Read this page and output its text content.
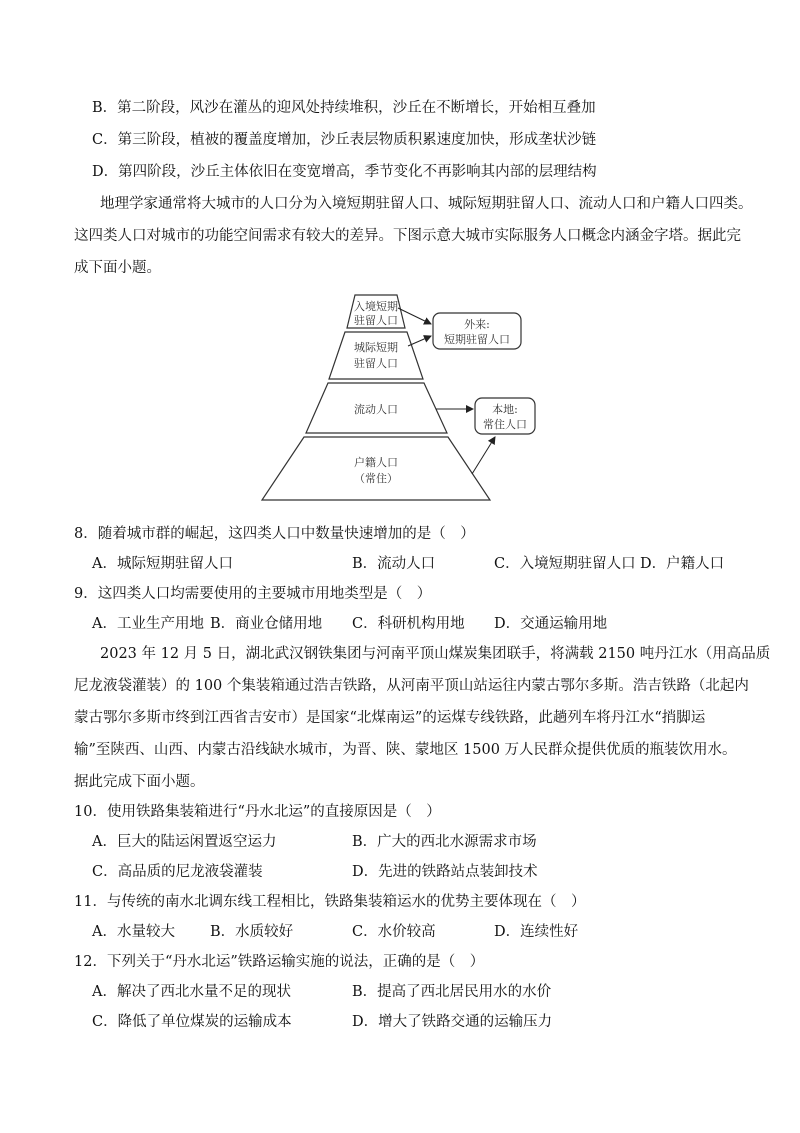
B．第二阶段，风沙在灌丛的迎风处持续堆积，沙丘在不断增长，开始相互叠加
C．第三阶段，植被的覆盖度增加，沙丘表层物质积累速度加快，形成垄状沙链
D．第四阶段，沙丘主体依旧在变宽增高，季节变化不再影响其内部的层理结构
地理学家通常将大城市的人口分为入境短期驻留人口、城际短期驻留人口、流动人口和户籍人口四类。
这四类人口对城市的功能空间需求有较大的差异。下图示意大城市实际服务人口概念内涵金字塔。据此完
成下面小题。
入境短期
驻留人口
城际短期
驻留人口
流动人口
户籍人口
（常住）
外来:
短期驻留人口
本地:
常住人口
8．随着城市群的崛起，这四类人口中数量快速增加的是（　）
A．城际短期驻留人口	B．流动人口	C．入境短期驻留人口 D．户籍人口
9．这四类人口均需要使用的主要城市用地类型是（　）
A．工业生产用地 B．商业仓储用地 C．科研机构用地 D．交通运输用地
2023 年 12 月 5 日，湖北武汉钢铁集团与河南平顶山煤炭集团联手，将满载 2150 吨丹江水（用高品质
尼龙液袋灌装）的 100 个集装箱通过浩吉铁路，从河南平顶山站运往内蒙古鄂尔多斯。浩吉铁路（北起内
蒙古鄂尔多斯市终到江西省吉安市）是国家“北煤南运”的运煤专线铁路，此趟列车将丹江水“捎脚运
输”至陕西、山西、内蒙古沿线缺水城市，为晋、陕、蒙地区 1500 万人民群众提供优质的瓶装饮用水。
据此完成下面小题。
10．使用铁路集装箱进行“丹水北运”的直接原因是（　）
A．巨大的陆运闲置返空运力	B．广大的西北水源需求市场
C．高品质的尼龙液袋灌装	D．先进的铁路站点装卸技术
11．与传统的南水北调东线工程相比，铁路集装箱运水的优势主要体现在（　）
A．水量较大 B．水质较好	C．水价较高	D．连续性好
12．下列关于“丹水北运”铁路运输实施的说法，正确的是（　）
A．解决了西北水量不足的现状	B．提高了西北居民用水的水价
C．降低了单位煤炭的运输成本	D．增大了铁路交通的运输压力
